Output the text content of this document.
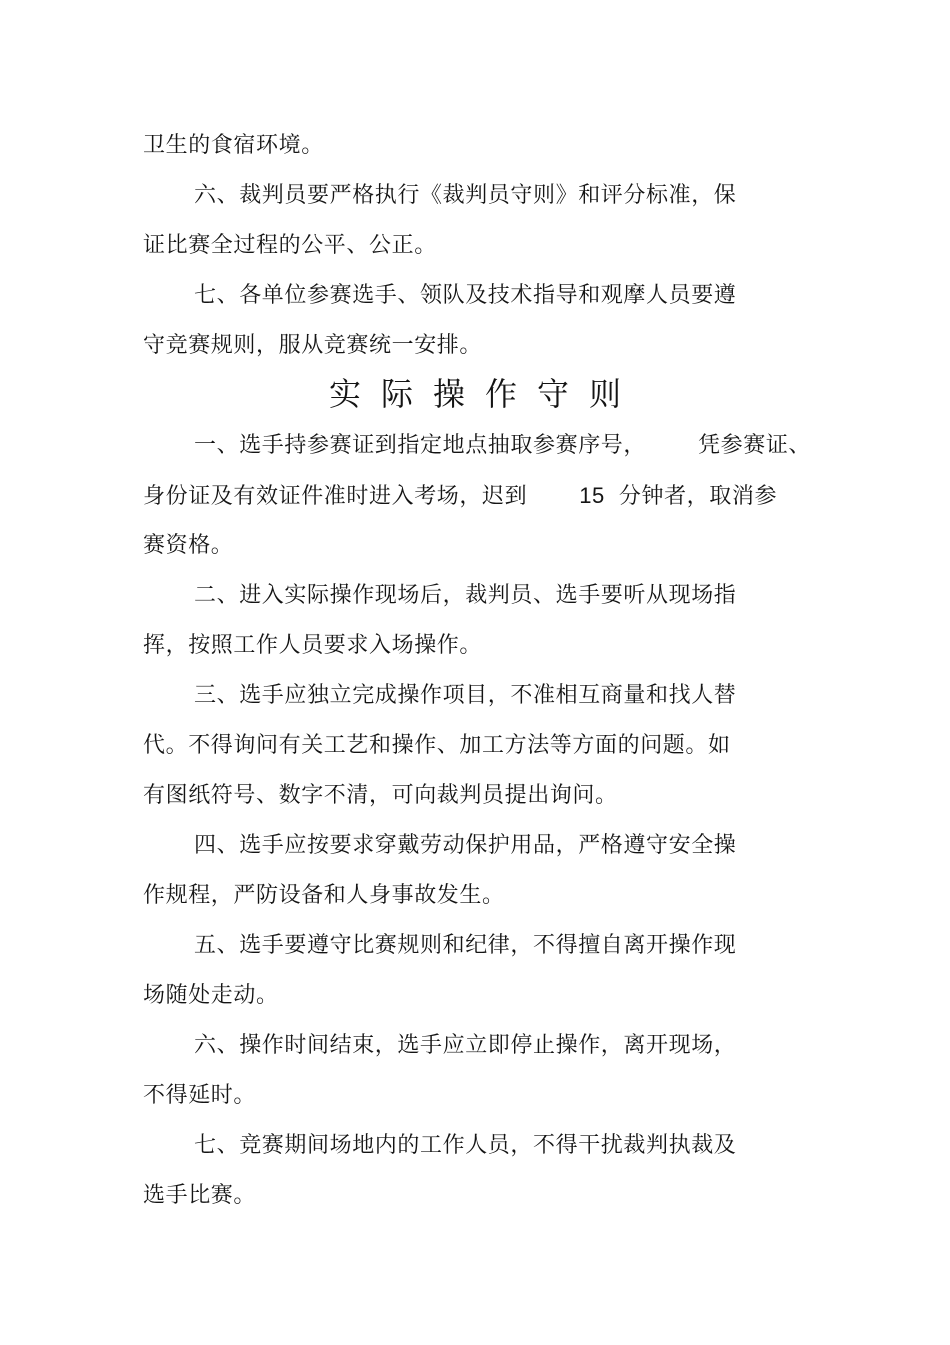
卫生的食宿环境。
六、裁判员要严格执行《裁判员守则》和评分标准，保
证比赛全过程的公平、公正。
七、各单位参赛选手、领队及技术指导和观摩人员要遵
守竞赛规则，服从竞赛统一安排。
实际操作守则
一、选手持参赛证到指定地点抽取参赛序号， 凭参赛证、
身份证及有效证件准时进入考场，迟到 15 分钟者，取消参
赛资格。
二、进入实际操作现场后，裁判员、选手要听从现场指
挥，按照工作人员要求入场操作。
三、选手应独立完成操作项目，不准相互商量和找人替
代。不得询问有关工艺和操作、加工方法等方面的问题。如
有图纸符号、数字不清，可向裁判员提出询问。
四、选手应按要求穿戴劳动保护用品，严格遵守安全操
作规程，严防设备和人身事故发生。
五、选手要遵守比赛规则和纪律，不得擅自离开操作现
场随处走动。
六、操作时间结束，选手应立即停止操作，离开现场，
不得延时。
七、竞赛期间场地内的工作人员，不得干扰裁判执裁及
选手比赛。
